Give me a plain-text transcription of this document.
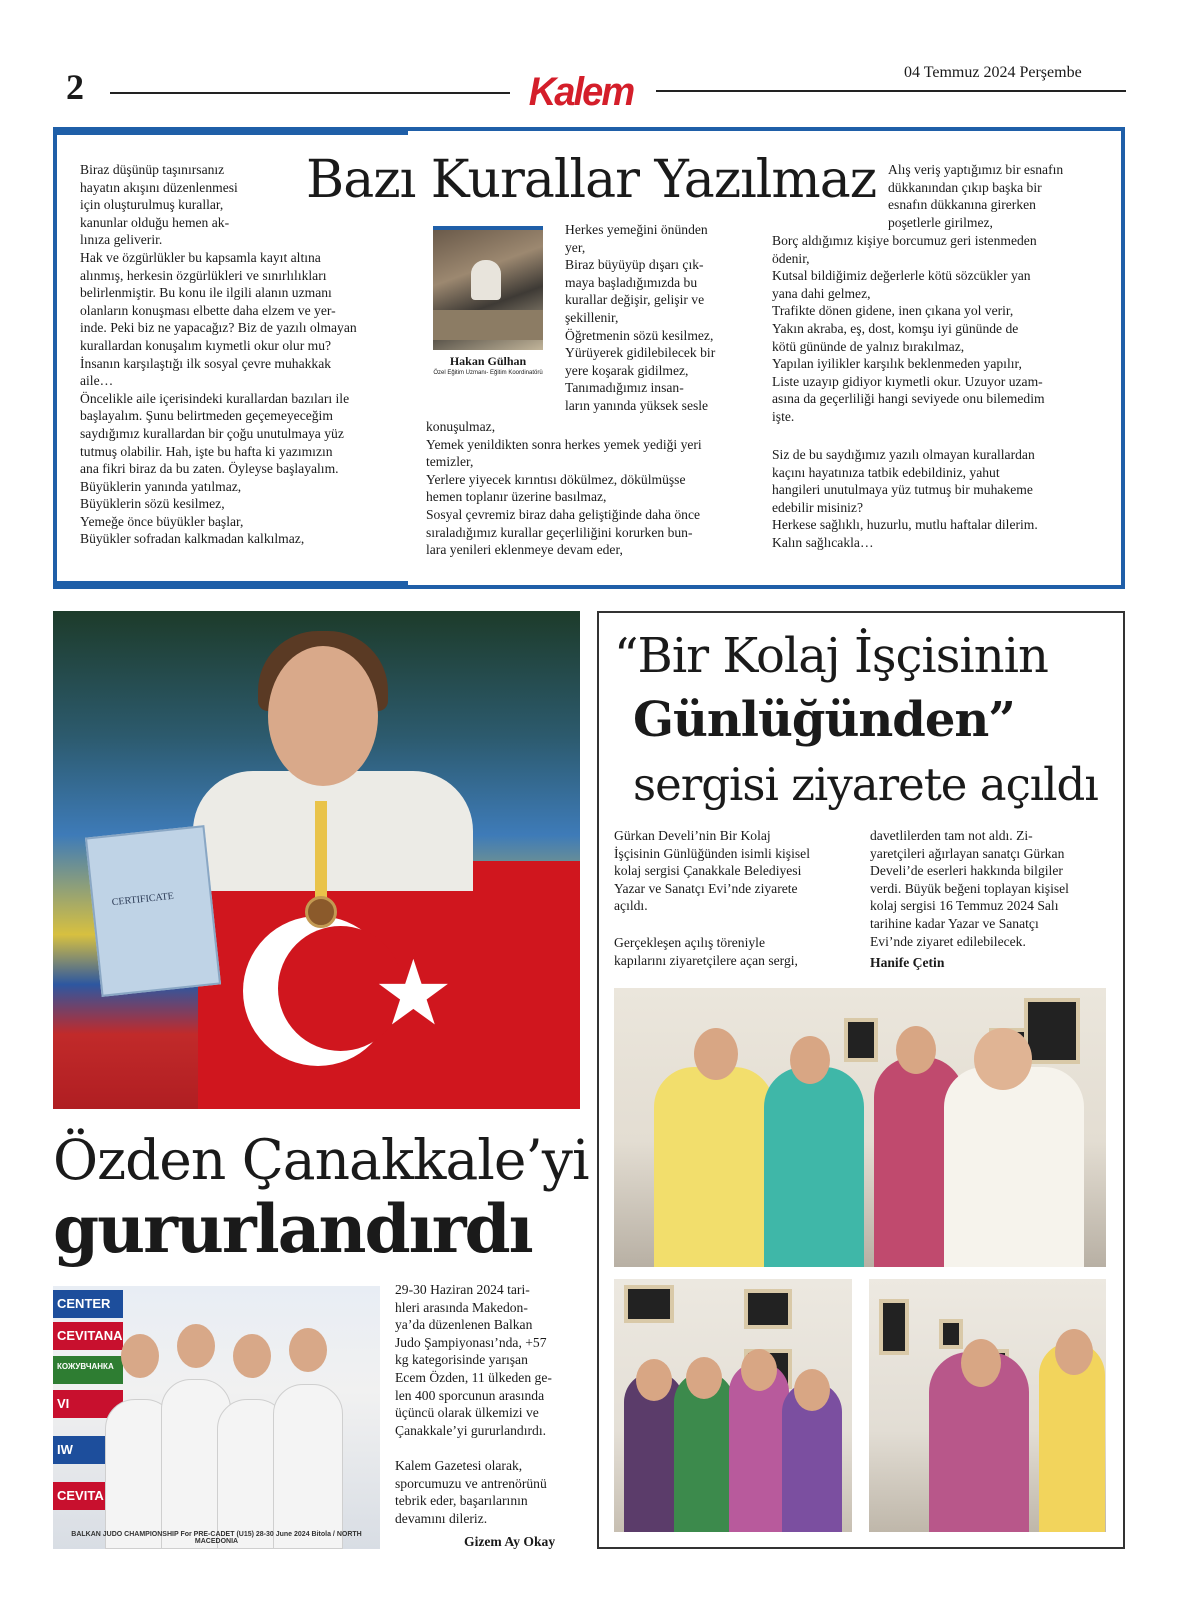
2	Kalem	04 Temmuz 2024 Perşembe
Bazı Kurallar Yazılmaz

Biraz düşünüp taşınırsanız

hayatın akışını düzenlenmesi

için oluşturulmuş kurallar,

kanunlar olduğu hemen ak-

lınıza geliverir.

Hak ve özgürlükler bu kapsamla kayıt altına

alınmış, herkesin özgürlükleri ve sınırlılıkları

belirlenmiştir. Bu konu ile ilgili alanın uzmanı

olanların konuşması elbette daha elzem ve yer-

inde. Peki biz ne yapacağız? Biz de yazılı olmayan

kurallardan konuşalım kıymetli okur olur mu?

İnsanın karşılaştığı ilk sosyal çevre muhakkak

aile…

Öncelikle aile içerisindeki kurallardan bazıları ile

başlayalım. Şunu belirtmeden geçemeyeceğim

saydığımız kurallardan bir çoğu unutulmaya yüz

tutmuş olabilir. Hah, işte bu hafta ki yazımızın

ana fikri biraz da bu zaten. Öyleyse başlayalım.

Büyüklerin yanında yatılmaz,

Büyüklerin sözü kesilmez,

Yemeğe önce büyükler başlar,

Büyükler sofradan kalkmadan kalkılmaz,

Hakan Gülhan
Özel Eğitim Uzmanı- Eğitim Koordinatörü

Herkes yemeğini önünden

yer,

Biraz büyüyüp dışarı çık-

maya başladığımızda bu

kurallar değişir, gelişir ve

şekillenir,

Öğretmenin sözü kesilmez,

Yürüyerek gidilebilecek bir

yere koşarak gidilmez,

Tanımadığımız insan-

ların yanında yüksek sesle

konuşulmaz,

Yemek yenildikten sonra herkes yemek yediği yeri

temizler,

Yerlere yiyecek kırıntısı dökülmez, dökülmüşse

hemen toplanır üzerine basılmaz,

Sosyal çevremiz biraz daha geliştiğinde daha önce

sıraladığımız kurallar geçerliliğini korurken bun-

lara yenileri eklenmeye devam eder,

Alış veriş yaptığımız bir esnafın

dükkanından çıkıp başka bir

esnafın dükkanına girerken

poşetlerle girilmez,

Borç aldığımız kişiye borcumuz geri istenmeden

ödenir,

Kutsal bildiğimiz değerlerle kötü sözcükler yan

yana dahi gelmez,

Trafikte dönen gidene, inen çıkana yol verir,

Yakın akraba, eş, dost, komşu iyi gününde de

kötü gününde de yalnız bırakılmaz,

Yapılan iyilikler karşılık beklenmeden yapılır,

Liste uzayıp gidiyor kıymetli okur. Uzuyor uzam-

asına da geçerliliği hangi seviyede onu bilemedim

işte.

Siz de bu saydığımız yazılı olmayan kurallardan

kaçını hayatınıza tatbik edebildiniz, yahut

hangileri unutulmaya yüz tutmuş bir muhakeme

edebilir misiniz?

Herkese sağlıklı, huzurlu, mutlu haftalar dilerim.

Kalın sağlıcakla…

★
CERTIFICATE
Özden Çanakkale’yi
gururlandırdı
CENTER
CEVITANA
КОЖУВЧАНКА
VI
IW
CEVITA
BALKAN JUDO CHAMPIONSHIP For PRE-CADET (U15) 28-30 June 2024 Bitola / NORTH MACEDONIA

29-30 Haziran 2024 tari-

hleri arasında Makedon-

ya’da düzenlenen Balkan

Judo Şampiyonası’nda, +57

kg kategorisinde yarışan

Ecem Özden, 11 ülkeden ge-

len 400 sporcunun arasında

üçüncü olarak ülkemizi ve

Çanakkale’yi gururlandırdı.

Kalem Gazetesi olarak,

sporcumuzu ve antrenörünü

tebrik eder, başarılarının

devamını dileriz.

Gizem Ay Okay
“Bir Kolaj İşçisinin
Günlüğünden”
sergisi ziyarete açıldı

Gürkan Develi’nin Bir Kolaj

İşçisinin Günlüğünden isimli kişisel

kolaj sergisi Çanakkale Belediyesi

Yazar ve Sanatçı Evi’nde ziyarete

açıldı.

Gerçekleşen açılış töreniyle

kapılarını ziyaretçilere açan sergi,

davetlilerden tam not aldı. Zi-

yaretçileri ağırlayan sanatçı Gürkan

Develi’de eserleri hakkında bilgiler

verdi. Büyük beğeni toplayan kişisel

kolaj sergisi 16 Temmuz 2024 Salı

tarihine kadar Yazar ve Sanatçı

Evi’nde ziyaret edilebilecek.

Hanife Çetin
